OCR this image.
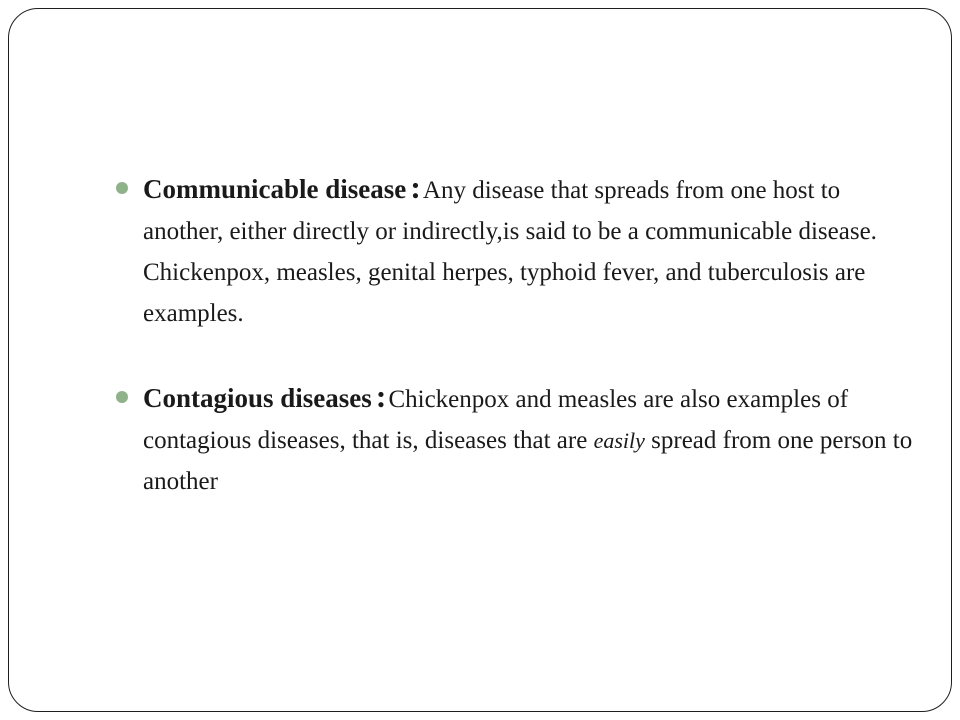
Communicable disease :Any disease that spreads from one host to another, either directly or indirectly,is said to be a communicable disease. Chickenpox, measles, genital herpes, typhoid fever, and tuberculosis are examples.
Contagious diseases :Chickenpox and measles are also examples of contagious diseases, that is, diseases that are easily spread from one person to another
